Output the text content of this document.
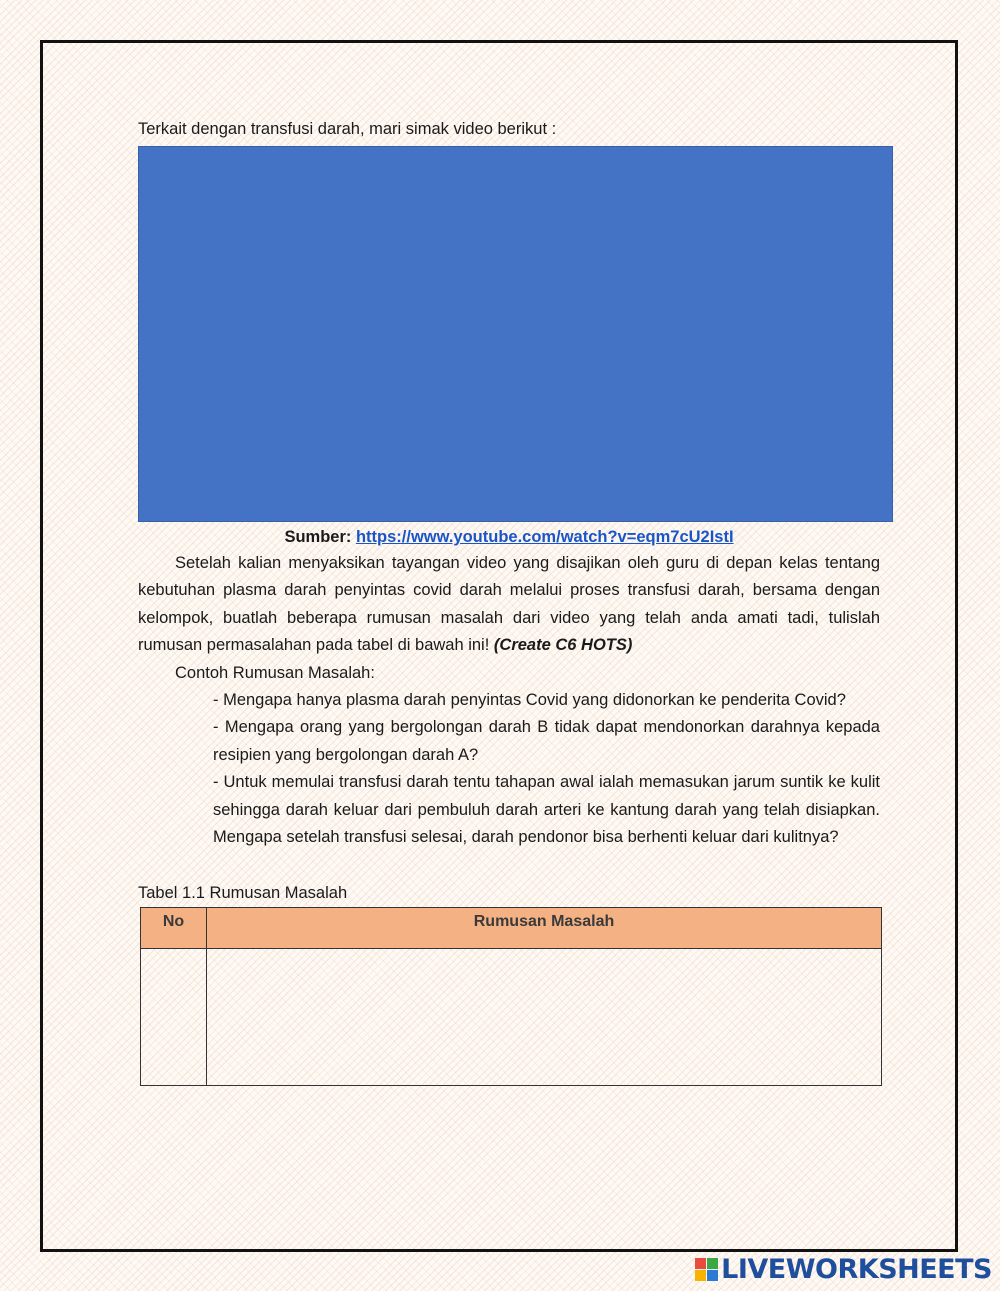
Terkait dengan transfusi darah, mari simak video berikut :

Sumber: https://www.youtube.com/watch?v=eqm7cU2IstI

Setelah kalian menyaksikan tayangan video yang disajikan oleh guru di depan kelas tentang kebutuhan plasma darah penyintas covid darah melalui proses transfusi darah, bersama dengan kelompok, buatlah beberapa rumusan masalah dari video yang telah anda amati tadi, tulislah rumusan permasalahan pada tabel di bawah ini! (Create C6 HOTS)

Contoh Rumusan Masalah:

- Mengapa hanya plasma darah penyintas Covid yang didonorkan ke penderita Covid?

- Mengapa orang yang bergolongan darah B tidak dapat mendonorkan darahnya kepada resipien yang bergolongan darah A?

- Untuk memulai transfusi darah tentu tahapan awal ialah memasukan jarum suntik ke kulit sehingga darah keluar dari pembuluh darah arteri ke kantung darah yang telah disiapkan. Mengapa setelah transfusi selesai, darah pendonor bisa berhenti keluar dari kulitnya?

Tabel 1.1 Rumusan Masalah

No	Rumusan Masalah

LIVEWORKSHEETS
